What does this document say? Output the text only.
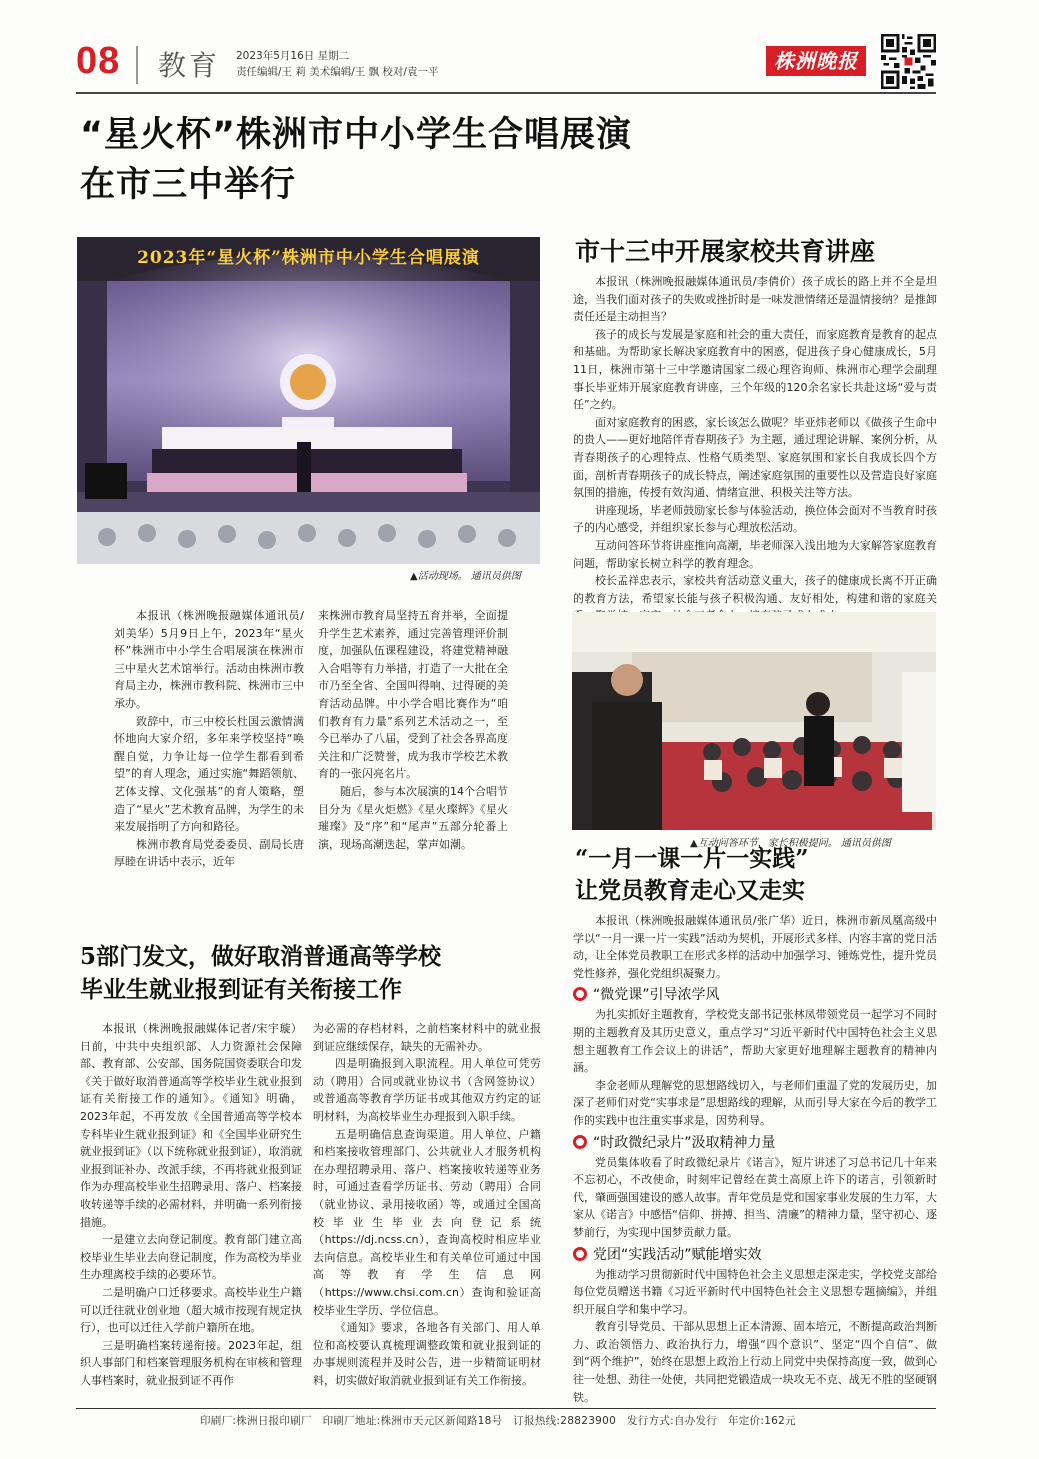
08 教育 2023年5月16日 星期二
责任编辑/王 莉 美术编辑/王 飘 校对/袁一平	株洲晚报
“星火杯”株洲市中小学生合唱展演
在市三中举行
2023年“星火杯”株洲市中小学生合唱展演
▲活动现场。 通讯员供图

本报讯（株洲晚报融媒体通讯员/刘美华）5月9日上午，2023年“星火杯”株洲市中小学生合唱展演在株洲市三中星火艺术馆举行。活动由株洲市教育局主办，株洲市教科院、株洲市三中承办。

致辞中，市三中校长杜国云激情满怀地向大家介绍，多年来学校坚持“唤醒自觉，力争让每一位学生都看到希望”的育人理念，通过实施“舞蹈领航、艺体支撑、文化强基”的育人策略，塑造了“星火”艺术教育品牌，为学生的未来发展指明了方向和路径。

株洲市教育局党委委员、副局长唐厚睦在讲话中表示，近年

来株洲市教育局坚持五育并举，全面提升学生艺术素养，通过完善管理评价制度，加强队伍课程建设，将建党精神融入合唱等有力举措，打造了一大批在全市乃至全省、全国叫得响、过得硬的美育活动品牌。中小学合唱比赛作为“咱们教育有力量”系列艺术活动之一，至今已举办了八届，受到了社会各界高度关注和广泛赞誉，成为我市学校艺术教育的一张闪亮名片。

随后，参与本次展演的14个合唱节目分为《星火炬燃》《星火璨辉》《星火璀璨》及“序”和“尾声”五部分轮番上演，现场高潮迭起，掌声如潮。

市十三中开展家校共育讲座

本报讯（株洲晚报融媒体通讯员/李倩价）孩子成长的路上并不全是坦途，当我们面对孩子的失败或挫折时是一味发泄情绪还是温情接纳？是推卸责任还是主动担当？

孩子的成长与发展是家庭和社会的重大责任，而家庭教育是教育的起点和基础。为帮助家长解决家庭教育中的困惑，促进孩子身心健康成长，5月11日，株洲市第十三中学邀请国家二级心理咨询师、株洲市心理学会副理事长毕亚炜开展家庭教育讲座，三个年级的120余名家长共赴这场“爱与责任”之约。

面对家庭教育的困惑，家长该怎么做呢？毕亚炜老师以《做孩子生命中的贵人——更好地陪伴青春期孩子》为主题，通过理论讲解、案例分析，从青春期孩子的心理特点、性格气质类型、家庭氛围和家长自我成长四个方面，剖析青春期孩子的成长特点，阐述家庭氛围的重要性以及营造良好家庭氛围的措施，传授有效沟通、情绪宣泄、积极关注等方法。

讲座现场，毕老师鼓励家长参与体验活动，换位体会面对不当教育时孩子的内心感受，并组织家长参与心理放松活动。

互动问答环节将讲座推向高潮，毕老师深入浅出地为大家解答家庭教育问题，帮助家长树立科学的教育理念。

校长孟祥忠表示，家校共育活动意义重大，孩子的健康成长离不开正确的教育方法，希望家长能与孩子积极沟通、友好相处，构建和谐的家庭关

▲互动问答环节，家长积极提问。 通讯员供图
“一月一课一片一实践”
让党员教育走心又走实

本报讯（株洲晚报融媒体通讯员/张广华）近日，株洲市新凤凰高级中学以“一月一课一片一实践”活动为契机，开展形式多样、内容丰富的党日活动，让全体党员教职工在形式多样的活动中加强学习、锤炼党性，提升党员党性修养，强化党组织凝聚力。

“微党课”引导浓学风

为扎实抓好主题教育，学校党支部书记张林凤带领党员一起学习不同时期的主题教育及其历史意义，重点学习“习近平新时代中国特色社会主义思想主题教育工作会议上的讲话”，帮助大家更好地理解主题教育的精神内涵。

李金老师从理解党的思想路线切入，与老师们重温了党的发展历史，加深了老师们对党“实事求是”思想路线的理解，从而引导大家在今后的教学工作的实践中也注重实事求是，因势利导。

“时政微纪录片”汲取精神力量

党员集体收看了时政微纪录片《诺言》，短片讲述了习总书记几十年来不忘初心，不改使命，时刻牢记曾经在黄土高原上许下的诺言，引领新时代，肇画强国建设的感人故事。青年党员是党和国家事业发展的生力军，大家从《诺言》中感悟“信仰、拼搏、担当、清廉”的精神力量，坚守初心、逐梦前行，为实现中国梦贡献力量。

党团“实践活动”赋能增实效

为推动学习贯彻新时代中国特色社会主义思想走深走实，学校党支部给每位党员赠送书籍《习近平新时代中国特色社会主义思想专题摘编》，并组织开展自学和集中学习。

教育引导党员、干部从思想上正本清源、固本培元，不断提高政治判断力、政治领悟力、政治执行力，增强“四个意识”、坚定“四个自信”、做到“两个维护”，始终在思想上政治上行动上同党中央保持高度一致，做到心往一处想、劲往一处使，共同把党锻造成一块攻无不克、战无不胜的坚硬钢铁。

5部门发文，做好取消普通高等学校
毕业生就业报到证有关衔接工作

本报讯（株洲晚报融媒体记者/宋宇璇）日前，中共中央组织部、人力资源社会保障部、教育部、公安部、国务院国资委联合印发《关于做好取消普通高等学校毕业生就业报到证有关衔接工作的通知》。《通知》明确，2023年起，不再发放《全国普通高等学校本专科毕业生就业报到证》和《全国毕业研究生就业报到证》（以下统称就业报到证），取消就业报到证补办、改派手续，不再将就业报到证作为办理高校毕业生招聘录用、落户、档案接收转递等手续的必需材料，并明确一系列衔接措施。

一是建立去向登记制度。教育部门建立高校毕业生毕业去向登记制度，作为高校为毕业生办理离校手续的必要环节。

二是明确户口迁移要求。高校毕业生户籍可以迁往就业创业地（超大城市按现有规定执行），也可以迁往入学前户籍所在地。

三是明确档案转递衔接。2023年起，组织人事部门和档案管理服务机构在审核和管理人事档案时，就业报到证不再作

为必需的存档材料，之前档案材料中的就业报到证应继续保存，缺失的无需补办。

四是明确报到入职流程。用人单位可凭劳动（聘用）合同或就业协议书（含网签协议）或普通高等教育学历证书或其他双方约定的证明材料，为高校毕业生办理报到入职手续。

五是明确信息查询渠道。用人单位、户籍和档案接收管理部门、公共就业人才服务机构在办理招聘录用、落户、档案接收转递等业务时，可通过查看学历证书、劳动（聘用）合同（就业协议、录用接收函）等，或通过全国高校毕业生毕业去向登记系统（https://dj.ncss.cn），查询高校时相应毕业去向信息。高校毕业生和有关单位可通过中国高等教育学生信息网（https://www.chsi.com.cn）查询和验证高校毕业生学历、学位信息。

《通知》要求，各地各有关部门、用人单位和高校要认真梳理调整政策和就业报到证的办事规则流程并及时公告，进一步精简证明材料，切实做好取消就业报到证有关工作衔接。

印刷厂:株洲日报印刷厂　印刷厂地址:株洲市天元区新闻路18号　订报热线:28823900　发行方式:自办发行　年定价:162元
